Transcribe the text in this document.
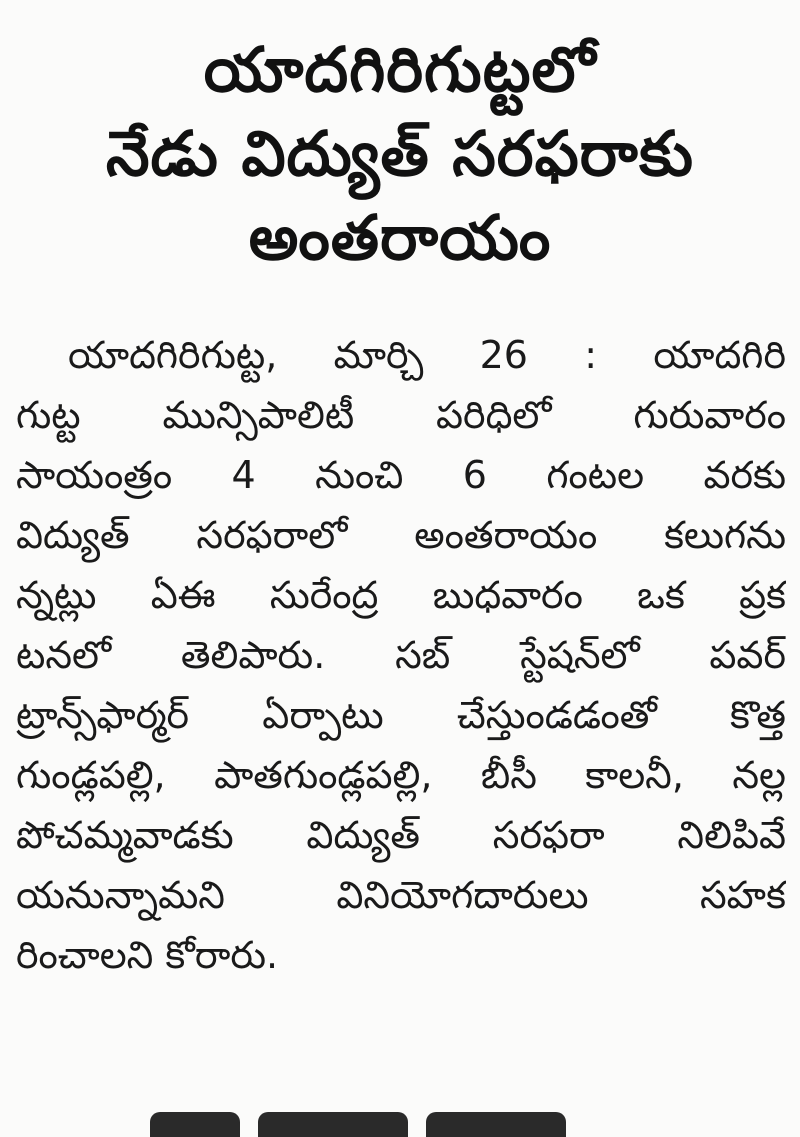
యాదగిరిగుట్టలో
నేడు విద్యుత్ సరఫరాకు
అంతరాయం
యాదగిరిగుట్ట, మార్చి 26 : యాదగిరి
గుట్ట మున్సిపాలిటీ పరిధిలో గురువారం
సాయంత్రం 4 నుంచి 6 గంటల వరకు
విద్యుత్ సరఫరాలో అంతరాయం కలుగను
న్నట్లు ఏఈ సురేంద్ర బుధవారం ఒక ప్రక
టనలో తెలిపారు. సబ్ స్టేషన్‌లో పవర్
ట్రాన్స్‌ఫార్మర్ ఏర్పాటు చేస్తుండడంతో కొత్త
గుండ్లపల్లి, పాతగుండ్లపల్లి, బీసీ కాలనీ, నల్ల
పోచమ్మవాడకు విద్యుత్ సరఫరా నిలిపివే
యనున్నామని వినియోగదారులు సహక
రించాలని కోరారు.
